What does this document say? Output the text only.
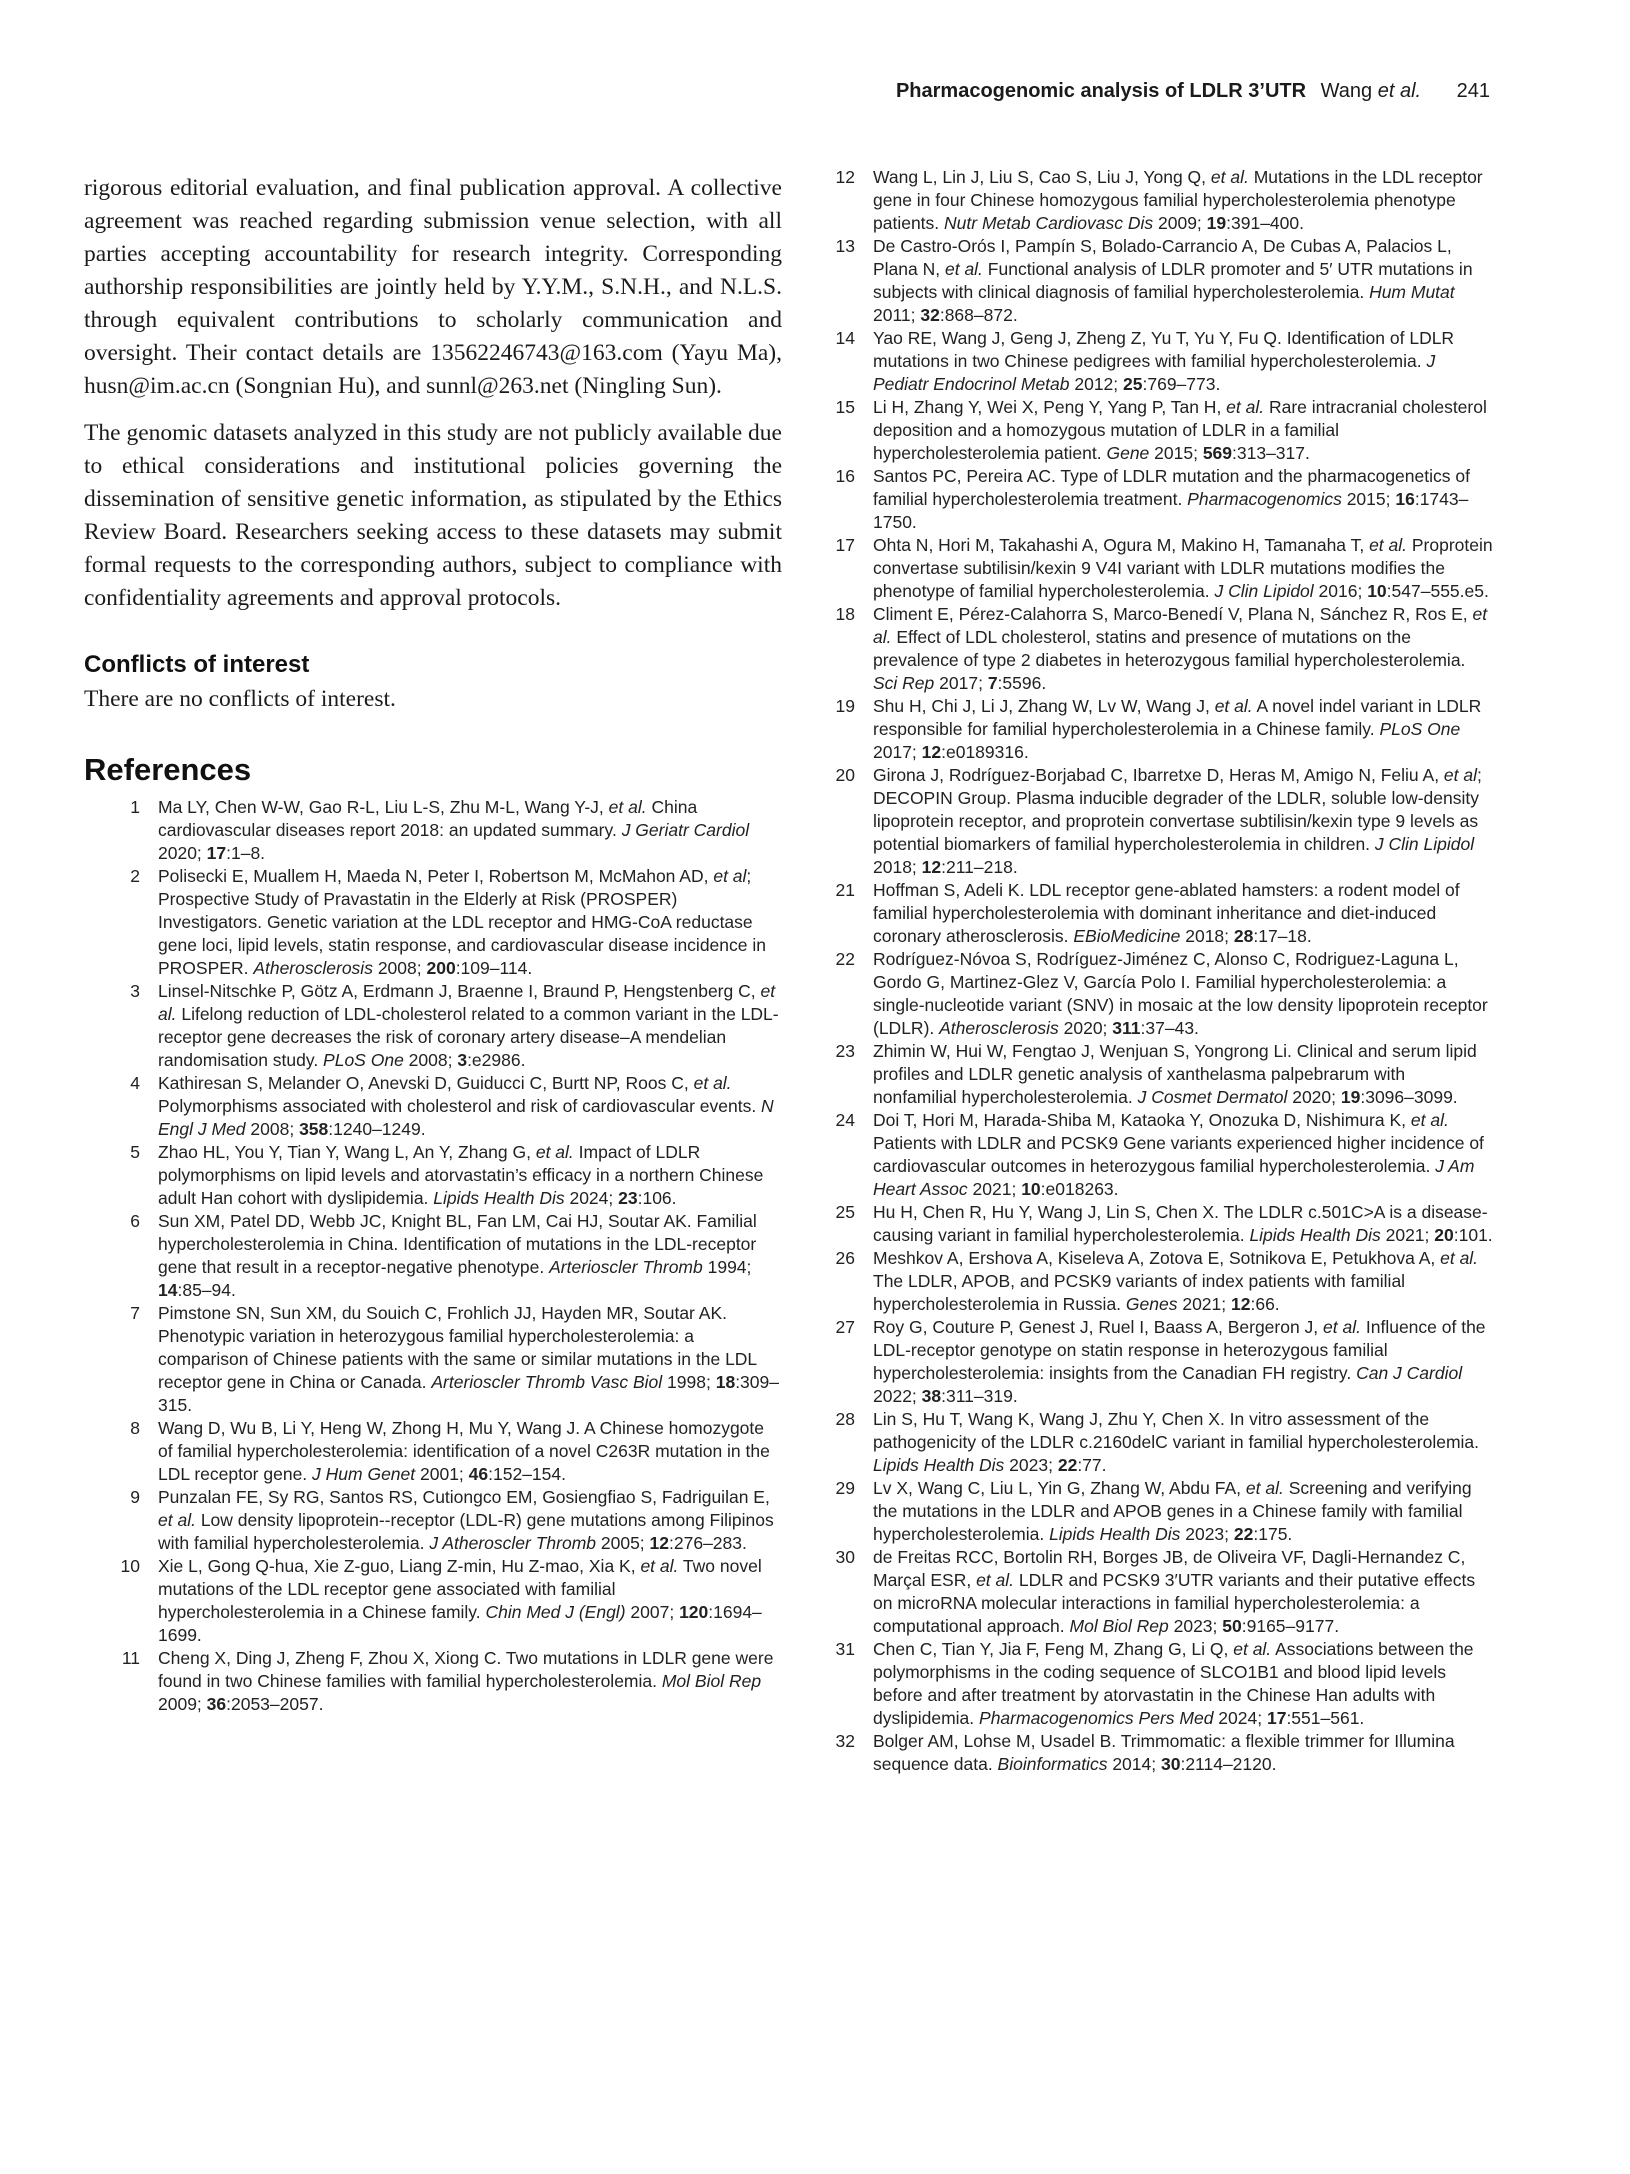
Pharmacogenomic analysis of LDLR 3’UTR Wang et al. 241

rigorous editorial evaluation, and final publication approval. A collective agreement was reached regarding submission venue selection, with all parties accepting accountability for research integrity. Corresponding authorship responsibilities are jointly held by Y.Y.M., S.N.H., and N.L.S. through equivalent contributions to scholarly communication and oversight. Their contact details are 13562246743@163.com (Yayu Ma), husn@im.ac.cn (Songnian Hu), and sunnl@263.net (Ningling Sun).

The genomic datasets analyzed in this study are not publicly available due to ethical considerations and institutional policies governing the dissemination of sensitive genetic information, as stipulated by the Ethics Review Board. Researchers seeking access to these datasets may submit formal requests to the corresponding authors, subject to compliance with confidentiality agreements and approval protocols.

Conflicts of interest

There are no conflicts of interest.

References
1 Ma LY, Chen W-W, Gao R-L, Liu L-S, Zhu M-L, Wang Y-J, et al. China cardiovascular diseases report 2018: an updated summary. J Geriatr Cardiol 2020; 17:1–8.
2 Polisecki E, Muallem H, Maeda N, Peter I, Robertson M, McMahon AD, et al; Prospective Study of Pravastatin in the Elderly at Risk (PROSPER) Investigators. Genetic variation at the LDL receptor and HMG-CoA reductase gene loci, lipid levels, statin response, and cardiovascular disease incidence in PROSPER. Atherosclerosis 2008; 200:109–114.
3 Linsel-Nitschke P, Götz A, Erdmann J, Braenne I, Braund P, Hengstenberg C, et al. Lifelong reduction of LDL-cholesterol related to a common variant in the LDL-receptor gene decreases the risk of coronary artery disease–A mendelian randomisation study. PLoS One 2008; 3:e2986.
4 Kathiresan S, Melander O, Anevski D, Guiducci C, Burtt NP, Roos C, et al. Polymorphisms associated with cholesterol and risk of cardiovascular events. N Engl J Med 2008; 358:1240–1249.
5 Zhao HL, You Y, Tian Y, Wang L, An Y, Zhang G, et al. Impact of LDLR polymorphisms on lipid levels and atorvastatin’s efficacy in a northern Chinese adult Han cohort with dyslipidemia. Lipids Health Dis 2024; 23:106.
6 Sun XM, Patel DD, Webb JC, Knight BL, Fan LM, Cai HJ, Soutar AK. Familial hypercholesterolemia in China. Identification of mutations in the LDL-receptor gene that result in a receptor-negative phenotype. Arterioscler Thromb 1994; 14:85–94.
7 Pimstone SN, Sun XM, du Souich C, Frohlich JJ, Hayden MR, Soutar AK. Phenotypic variation in heterozygous familial hypercholesterolemia: a comparison of Chinese patients with the same or similar mutations in the LDL receptor gene in China or Canada. Arterioscler Thromb Vasc Biol 1998; 18:309–315.
8 Wang D, Wu B, Li Y, Heng W, Zhong H, Mu Y, Wang J. A Chinese homozygote of familial hypercholesterolemia: identification of a novel C263R mutation in the LDL receptor gene. J Hum Genet 2001; 46:152–154.
9 Punzalan FE, Sy RG, Santos RS, Cutiongco EM, Gosiengfiao S, Fadriguilan E, et al. Low density lipoprotein--receptor (LDL-R) gene mutations among Filipinos with familial hypercholesterolemia. J Atheroscler Thromb 2005; 12:276–283.
10 Xie L, Gong Q-hua, Xie Z-guo, Liang Z-min, Hu Z-mao, Xia K, et al. Two novel mutations of the LDL receptor gene associated with familial hypercholesterolemia in a Chinese family. Chin Med J (Engl) 2007; 120:1694–1699.
11 Cheng X, Ding J, Zheng F, Zhou X, Xiong C. Two mutations in LDLR gene were found in two Chinese families with familial hypercholesterolemia. Mol Biol Rep 2009; 36:2053–2057.
12 Wang L, Lin J, Liu S, Cao S, Liu J, Yong Q, et al. Mutations in the LDL receptor gene in four Chinese homozygous familial hypercholesterolemia phenotype patients. Nutr Metab Cardiovasc Dis 2009; 19:391–400.
13 De Castro-Orós I, Pampín S, Bolado-Carrancio A, De Cubas A, Palacios L, Plana N, et al. Functional analysis of LDLR promoter and 5′ UTR mutations in subjects with clinical diagnosis of familial hypercholesterolemia. Hum Mutat 2011; 32:868–872.
14 Yao RE, Wang J, Geng J, Zheng Z, Yu T, Yu Y, Fu Q. Identification of LDLR mutations in two Chinese pedigrees with familial hypercholesterolemia. J Pediatr Endocrinol Metab 2012; 25:769–773.
15 Li H, Zhang Y, Wei X, Peng Y, Yang P, Tan H, et al. Rare intracranial cholesterol deposition and a homozygous mutation of LDLR in a familial hypercholesterolemia patient. Gene 2015; 569:313–317.
16 Santos PC, Pereira AC. Type of LDLR mutation and the pharmacogenetics of familial hypercholesterolemia treatment. Pharmacogenomics 2015; 16:1743–1750.
17 Ohta N, Hori M, Takahashi A, Ogura M, Makino H, Tamanaha T, et al. Proprotein convertase subtilisin/kexin 9 V4I variant with LDLR mutations modifies the phenotype of familial hypercholesterolemia. J Clin Lipidol 2016; 10:547–555.e5.
18 Climent E, Pérez-Calahorra S, Marco-Benedí V, Plana N, Sánchez R, Ros E, et al. Effect of LDL cholesterol, statins and presence of mutations on the prevalence of type 2 diabetes in heterozygous familial hypercholesterolemia. Sci Rep 2017; 7:5596.
19 Shu H, Chi J, Li J, Zhang W, Lv W, Wang J, et al. A novel indel variant in LDLR responsible for familial hypercholesterolemia in a Chinese family. PLoS One 2017; 12:e0189316.
20 Girona J, Rodríguez-Borjabad C, Ibarretxe D, Heras M, Amigo N, Feliu A, et al; DECOPIN Group. Plasma inducible degrader of the LDLR, soluble low-density lipoprotein receptor, and proprotein convertase subtilisin/kexin type 9 levels as potential biomarkers of familial hypercholesterolemia in children. J Clin Lipidol 2018; 12:211–218.
21 Hoffman S, Adeli K. LDL receptor gene-ablated hamsters: a rodent model of familial hypercholesterolemia with dominant inheritance and diet-induced coronary atherosclerosis. EBioMedicine 2018; 28:17–18.
22 Rodríguez-Nóvoa S, Rodríguez-Jiménez C, Alonso C, Rodriguez-Laguna L, Gordo G, Martinez-Glez V, García Polo I. Familial hypercholesterolemia: a single-nucleotide variant (SNV) in mosaic at the low density lipoprotein receptor (LDLR). Atherosclerosis 2020; 311:37–43.
23 Zhimin W, Hui W, Fengtao J, Wenjuan S, Yongrong Li. Clinical and serum lipid profiles and LDLR genetic analysis of xanthelasma palpebrarum with nonfamilial hypercholesterolemia. J Cosmet Dermatol 2020; 19:3096–3099.
24 Doi T, Hori M, Harada-Shiba M, Kataoka Y, Onozuka D, Nishimura K, et al. Patients with LDLR and PCSK9 Gene variants experienced higher incidence of cardiovascular outcomes in heterozygous familial hypercholesterolemia. J Am Heart Assoc 2021; 10:e018263.
25 Hu H, Chen R, Hu Y, Wang J, Lin S, Chen X. The LDLR c.501C>A is a disease-causing variant in familial hypercholesterolemia. Lipids Health Dis 2021; 20:101.
26 Meshkov A, Ershova A, Kiseleva A, Zotova E, Sotnikova E, Petukhova A, et al. The LDLR, APOB, and PCSK9 variants of index patients with familial hypercholesterolemia in Russia. Genes 2021; 12:66.
27 Roy G, Couture P, Genest J, Ruel I, Baass A, Bergeron J, et al. Influence of the LDL-receptor genotype on statin response in heterozygous familial hypercholesterolemia: insights from the Canadian FH registry. Can J Cardiol 2022; 38:311–319.
28 Lin S, Hu T, Wang K, Wang J, Zhu Y, Chen X. In vitro assessment of the pathogenicity of the LDLR c.2160delC variant in familial hypercholesterolemia. Lipids Health Dis 2023; 22:77.
29 Lv X, Wang C, Liu L, Yin G, Zhang W, Abdu FA, et al. Screening and verifying the mutations in the LDLR and APOB genes in a Chinese family with familial hypercholesterolemia. Lipids Health Dis 2023; 22:175.
30 de Freitas RCC, Bortolin RH, Borges JB, de Oliveira VF, Dagli-Hernandez C, Marçal ESR, et al. LDLR and PCSK9 3′UTR variants and their putative effects on microRNA molecular interactions in familial hypercholesterolemia: a computational approach. Mol Biol Rep 2023; 50:9165–9177.
31 Chen C, Tian Y, Jia F, Feng M, Zhang G, Li Q, et al. Associations between the polymorphisms in the coding sequence of SLCO1B1 and blood lipid levels before and after treatment by atorvastatin in the Chinese Han adults with dyslipidemia. Pharmacogenomics Pers Med 2024; 17:551–561.
32 Bolger AM, Lohse M, Usadel B. Trimmomatic: a flexible trimmer for Illumina sequence data. Bioinformatics 2014; 30:2114–2120.
